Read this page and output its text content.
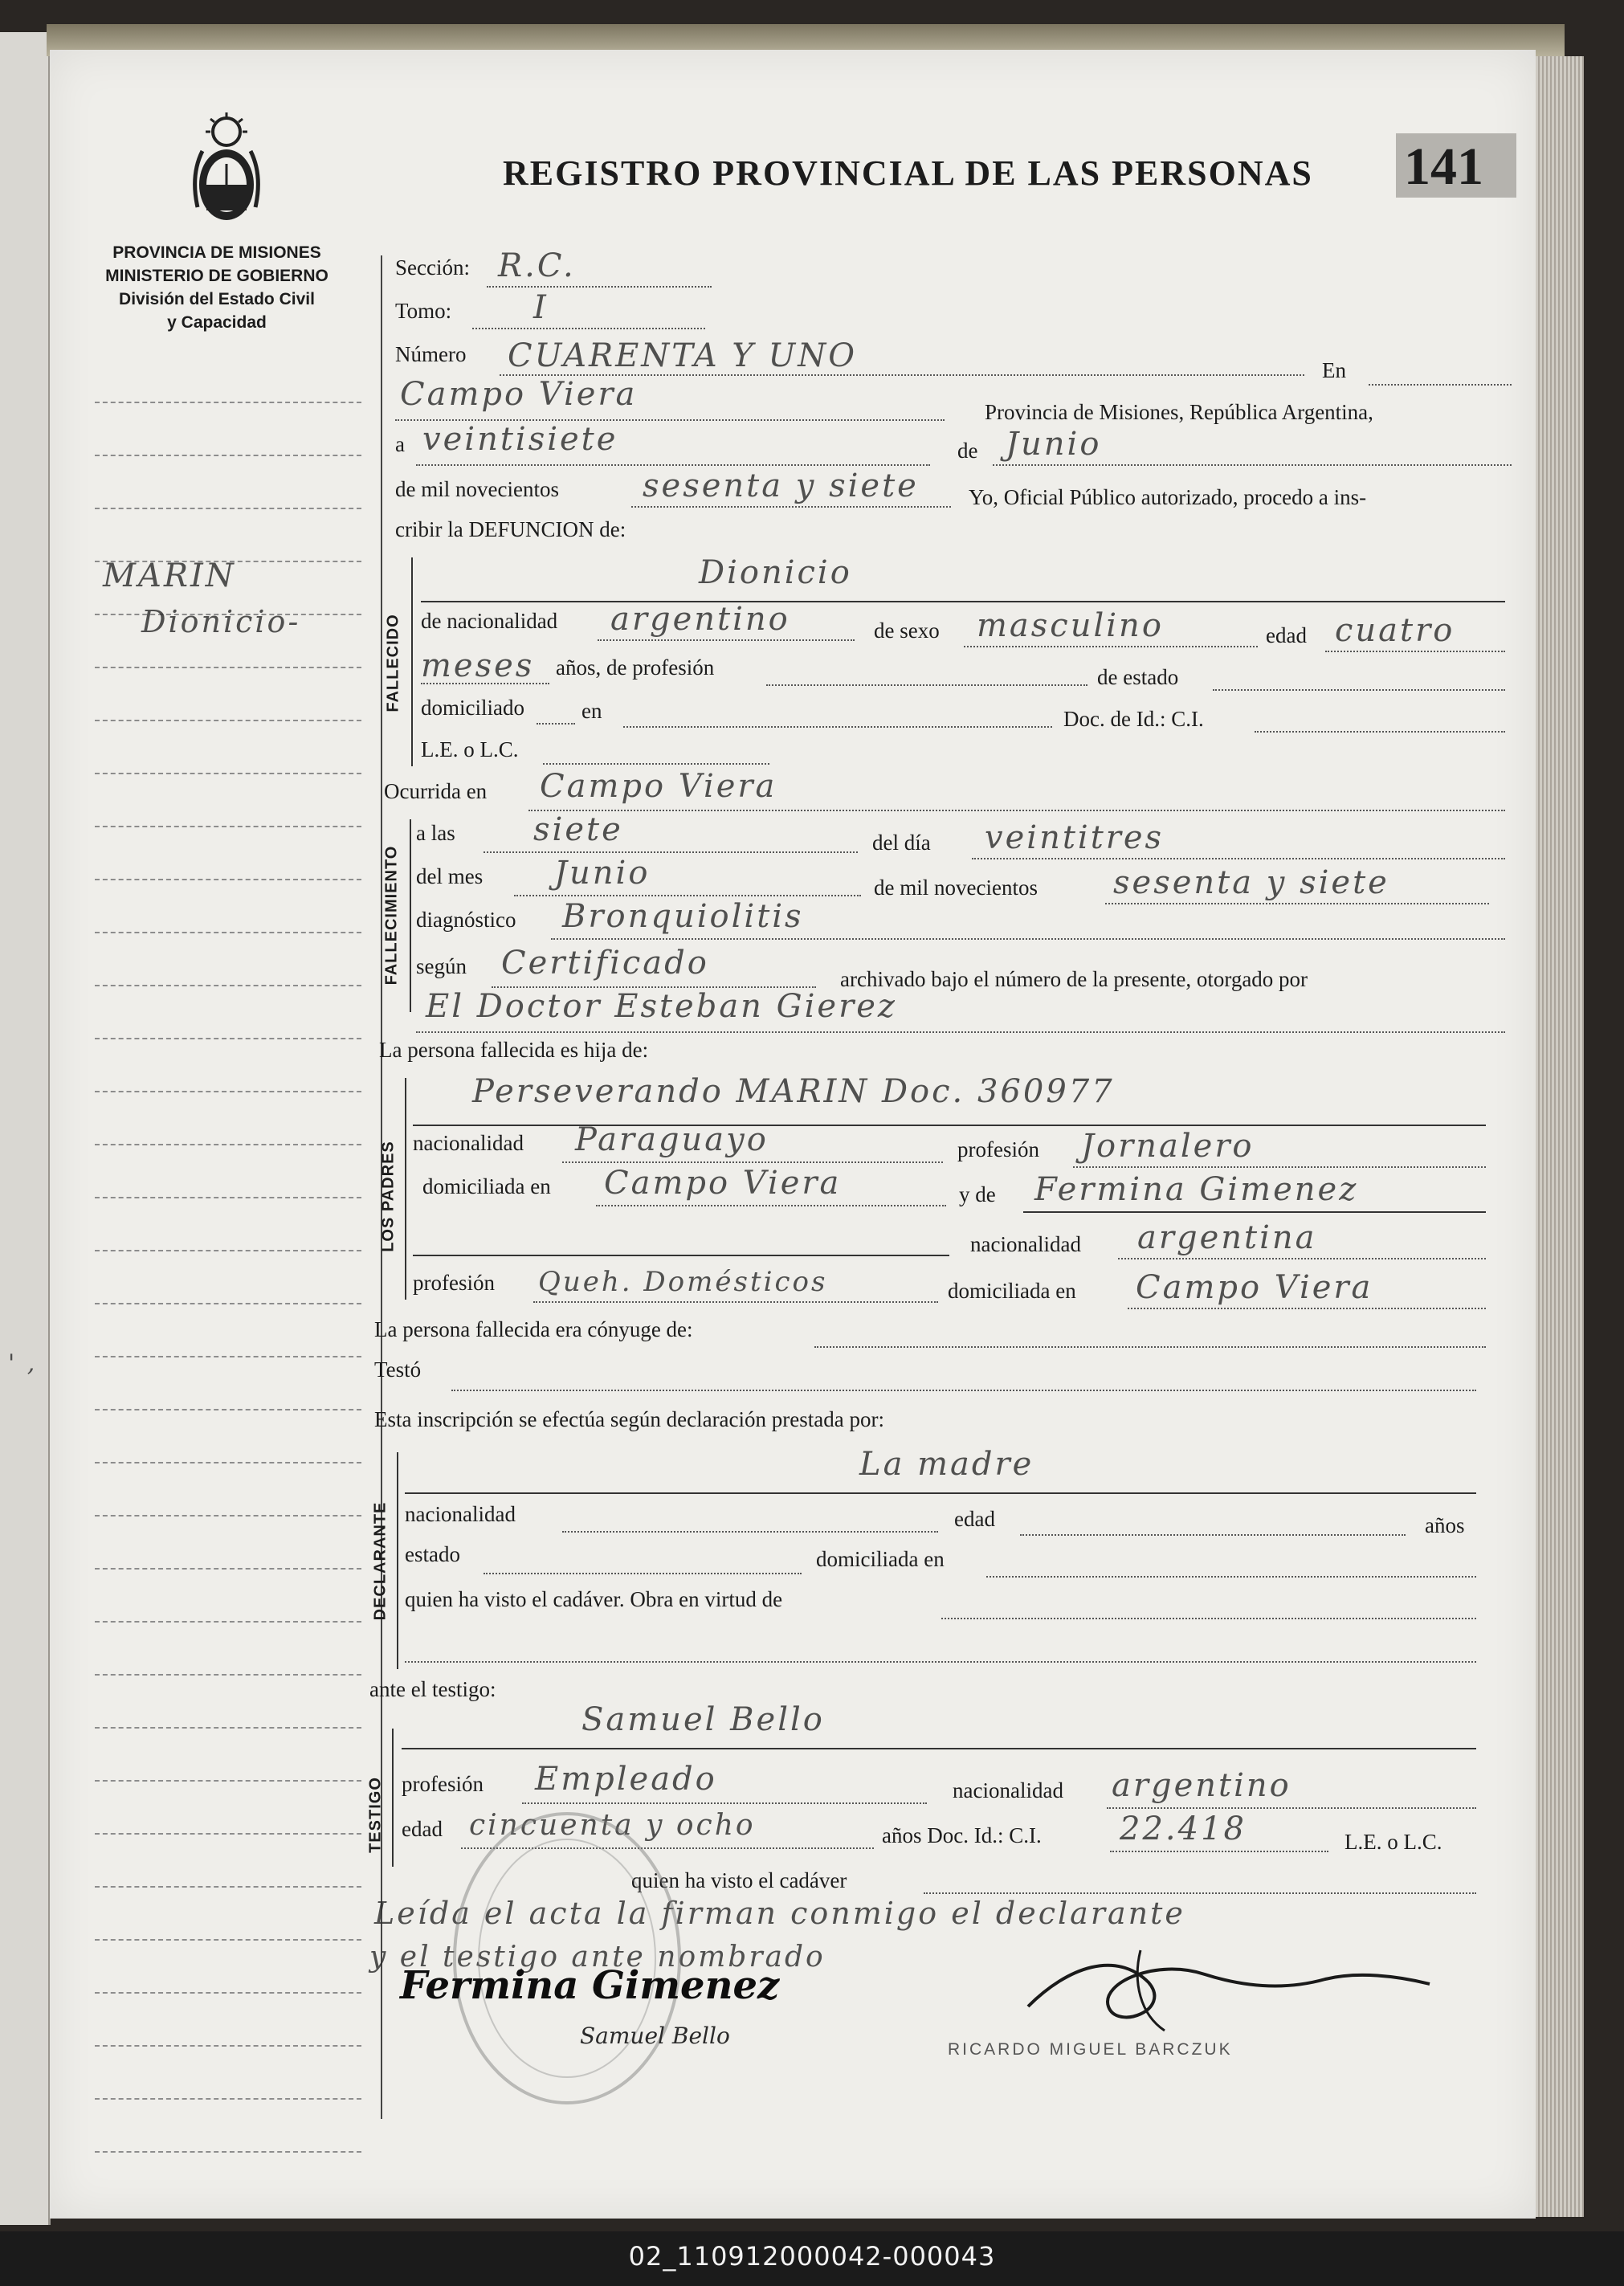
PROVINCIA DE MISIONES
MINISTERIO DE GOBIERNO
División del Estado Civil
y Capacidad
REGISTRO PROVINCIAL DE LAS PERSONAS 141
MARIN
Dionicio-
' ,
Sección: R.C.
Tomo:	I
Número CUARENTA Y UNO	En
Campo Viera	Provincia de Misiones, República Argentina,
a veintisiete	de Junio
de mil novecientos	sesenta y siete Yo, Oficial Público autorizado, procedo a ins-
cribir la DEFUNCION de:
FALLECIDO
Dionicio
de nacionalidad argentino	de sexo masculino	edad cuatro
meses años, de profesión	de estado
domiciliado	en	Doc. de Id.: C.I.
L.E. o L.C.
Ocurrida en Campo Viera
FALLECIMIENTO
a las siete	del día veintitres
del mes Junio	de mil novecientos sesenta y siete
diagnóstico Bronquiolitis
según Certificado	archivado bajo el número de la presente, otorgado por
El Doctor Esteban Gierez
La persona fallecida es hija de:
LOS PADRES
Perseverando MARIN Doc. 360977
nacionalidad Paraguayo	profesión Jornalero
domiciliada en Campo Viera	y de Fermina Gimenez
nacionalidad argentina
profesión Queh. Domésticos	domiciliada en Campo Viera
La persona fallecida era cónyuge de:
Testó
Esta inscripción se efectúa según declaración prestada por:
DECLARANTE
La madre
nacionalidad	edad	años
estado	domiciliada en
quien ha visto el cadáver. Obra en virtud de
ante el testigo:
TESTIGO
Samuel Bello
profesión Empleado	nacionalidad argentino
edad cincuenta y ocho	años Doc. Id.: C.I. 22.418	L.E. o L.C.
quien ha visto el cadáver
Leída el acta la firman conmigo el declarante
y el testigo ante nombrado
Fermina Gimenez
Samuel Bello
RICARDO MIGUEL BARCZUK
02_110912000042-000043
